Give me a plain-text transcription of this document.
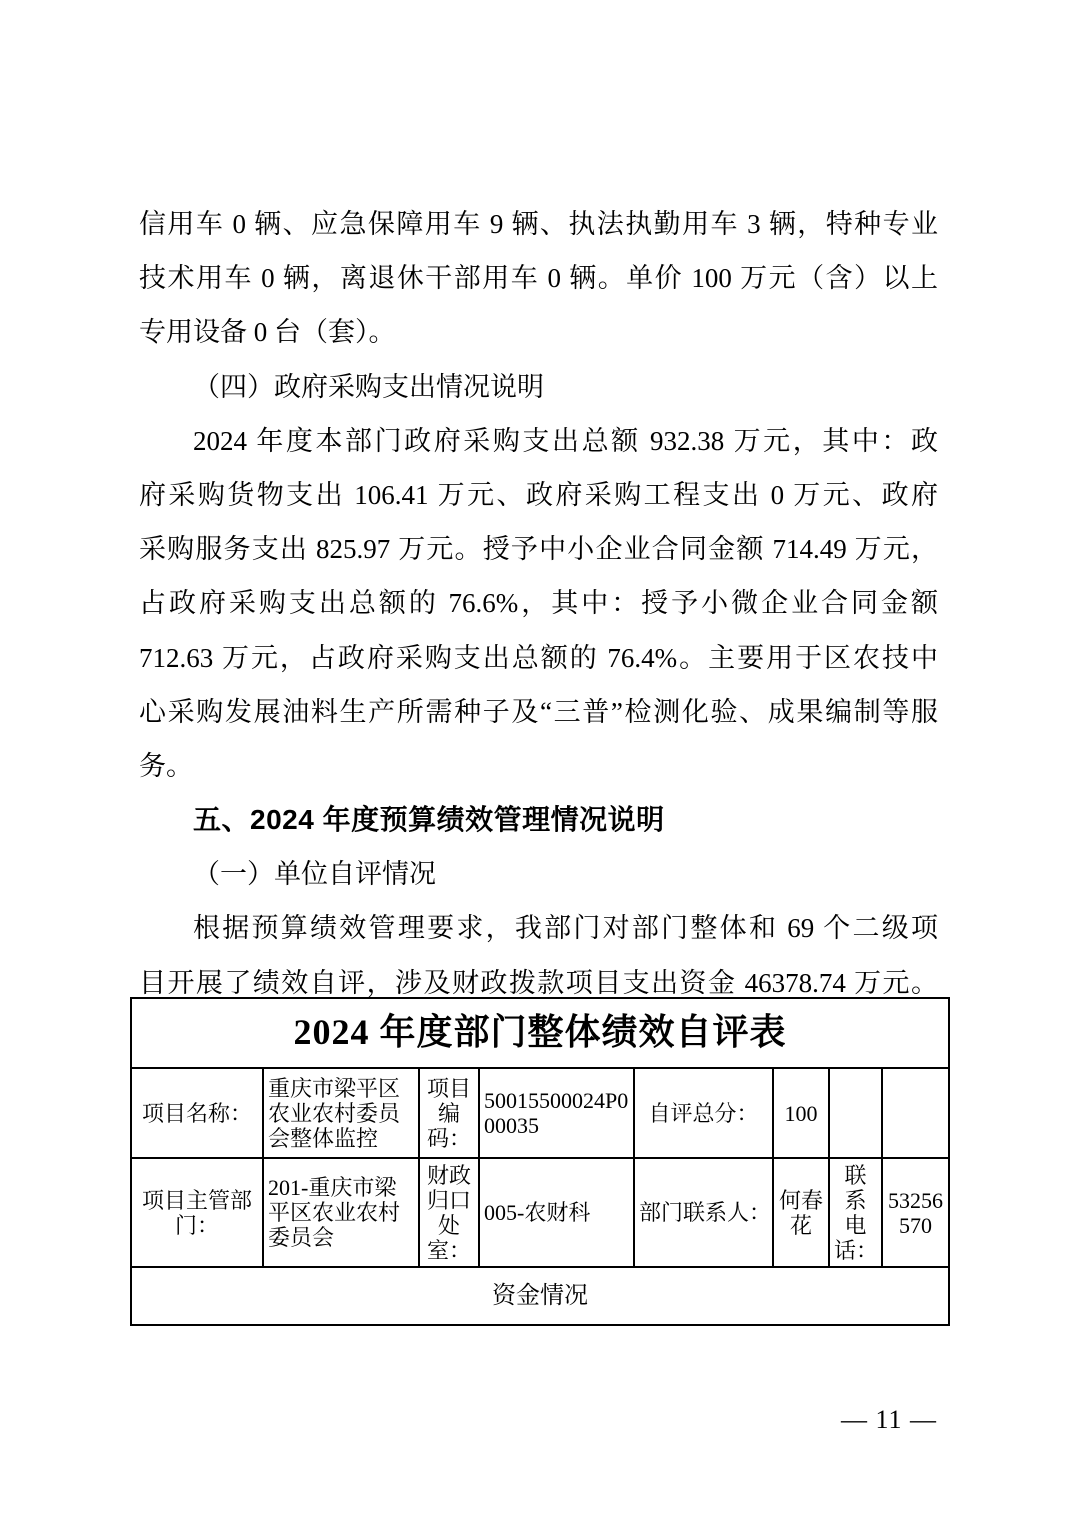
信用车 0 辆、应急保障用车 9 辆、执法执勤用车 3 辆，特种专业
技术用车 0 辆，离退休干部用车 0 辆。单价 100 万元（含）以上
专用设备 0 台（套）。
（四）政府采购支出情况说明
2024 年度本部门政府采购支出总额 932.38 万元，其中：政
府采购货物支出 106.41 万元、政府采购工程支出 0 万元、政府
采购服务支出 825.97 万元。授予中小企业合同金额 714.49 万元，
占政府采购支出总额的 76.6%，其中：授予小微企业合同金额
712.63 万元，占政府采购支出总额的 76.4%。主要用于区农技中
心采购发展油料生产所需种子及“三普”检测化验、成果编制等服
务。
五、2024 年度预算绩效管理情况说明
（一）单位自评情况
根据预算绩效管理要求，我部门对部门整体和 69 个二级项
目开展了绩效自评，涉及财政拨款项目支出资金 46378.74 万元。
2024 年度部门整体绩效自评表							
项目名称：	重庆市梁平区农业农村委员会整体监控	项目编码：	50015500024P000035	自评总分：	100		
项目主管部门：	201-重庆市梁平区农业农村委员会	财政归口处室：	005-农财科	部门联系人：	何春花	联系电话：	53256570
资金情况							
— 11 —
